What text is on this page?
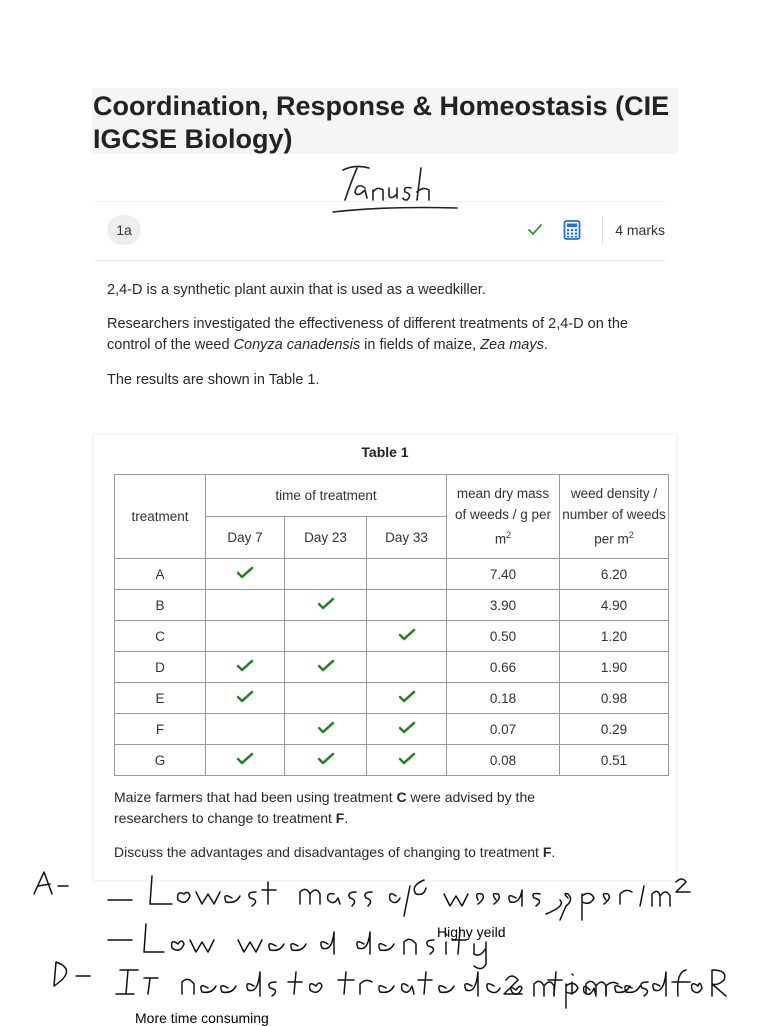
Coordination, Response & Homeostasis (CIE IGCSE Biology)
1a	4 marks
2,4-D is a synthetic plant auxin that is used as a weedkiller.
Researchers investigated the effectiveness of different treatments of 2,4-D on the control of the weed Conyza canadensis in fields of maize, Zea mays.
The results are shown in Table 1.
Table 1
treatment	time of treatment			mean dry mass of weeds / g per $m^2$	weed density / number of weeds per $m^2$
	Day 7	Day 23	Day 33		
A				7.40	6.20
B				3.90	4.90
C				0.50	1.20
D				0.66	1.90
E				0.18	0.98
F				0.07	0.29
G				0.08	0.51
Maize farmers that had been using treatment C were advised by the researchers to change to treatment F.
Discuss the advantages and disadvantages of changing to treatment F.
Highy yeild
More time consuming
